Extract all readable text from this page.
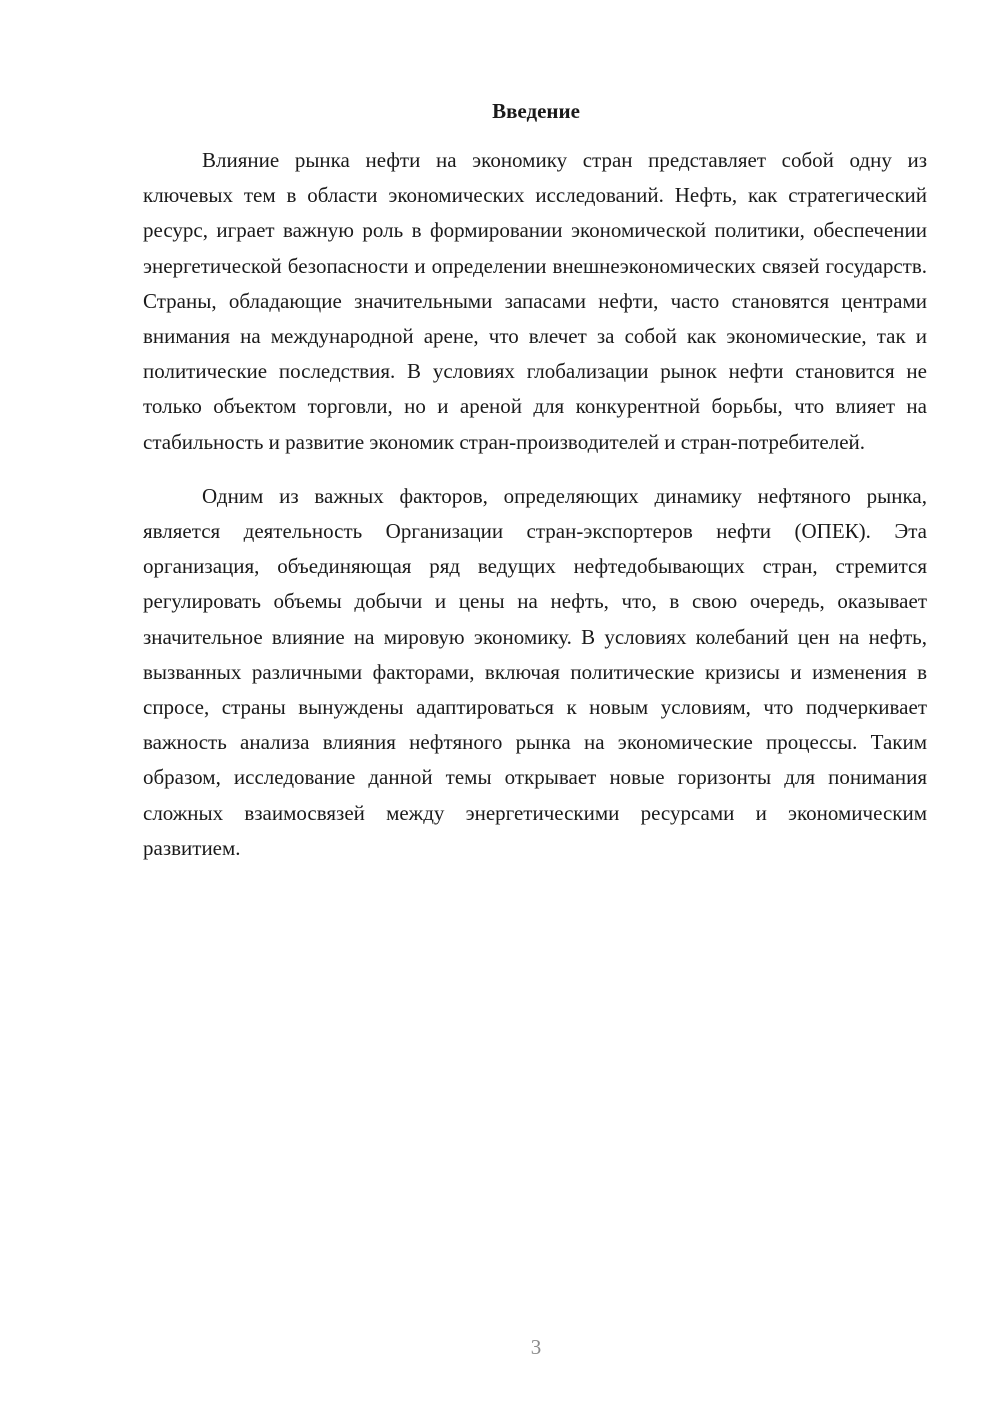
Введение

Влияние рынка нефти на экономику стран представляет собой одну из ключевых тем в области экономических исследований. Нефть, как стратегический ресурс, играет важную роль в формировании экономической политики, обеспечении энергетической безопасности и определении внешнеэкономических связей государств. Страны, обладающие значительными запасами нефти, часто становятся центрами внимания на международной арене, что влечет за собой как экономические, так и политические последствия. В условиях глобализации рынок нефти становится не только объектом торговли, но и ареной для конкурентной борьбы, что влияет на стабильность и развитие экономик стран-производителей и стран-потребителей.

Одним из важных факторов, определяющих динамику нефтяного рынка, является деятельность Организации стран-экспортеров нефти (ОПЕК). Эта организация, объединяющая ряд ведущих нефтедобывающих стран, стремится регулировать объемы добычи и цены на нефть, что, в свою очередь, оказывает значительное влияние на мировую экономику. В условиях колебаний цен на нефть, вызванных различными факторами, включая политические кризисы и изменения в спросе, страны вынуждены адаптироваться к новым условиям, что подчеркивает важность анализа влияния нефтяного рынка на экономические процессы. Таким образом, исследование данной темы открывает новые горизонты для понимания сложных взаимосвязей между энергетическими ресурсами и экономическим развитием.

3
